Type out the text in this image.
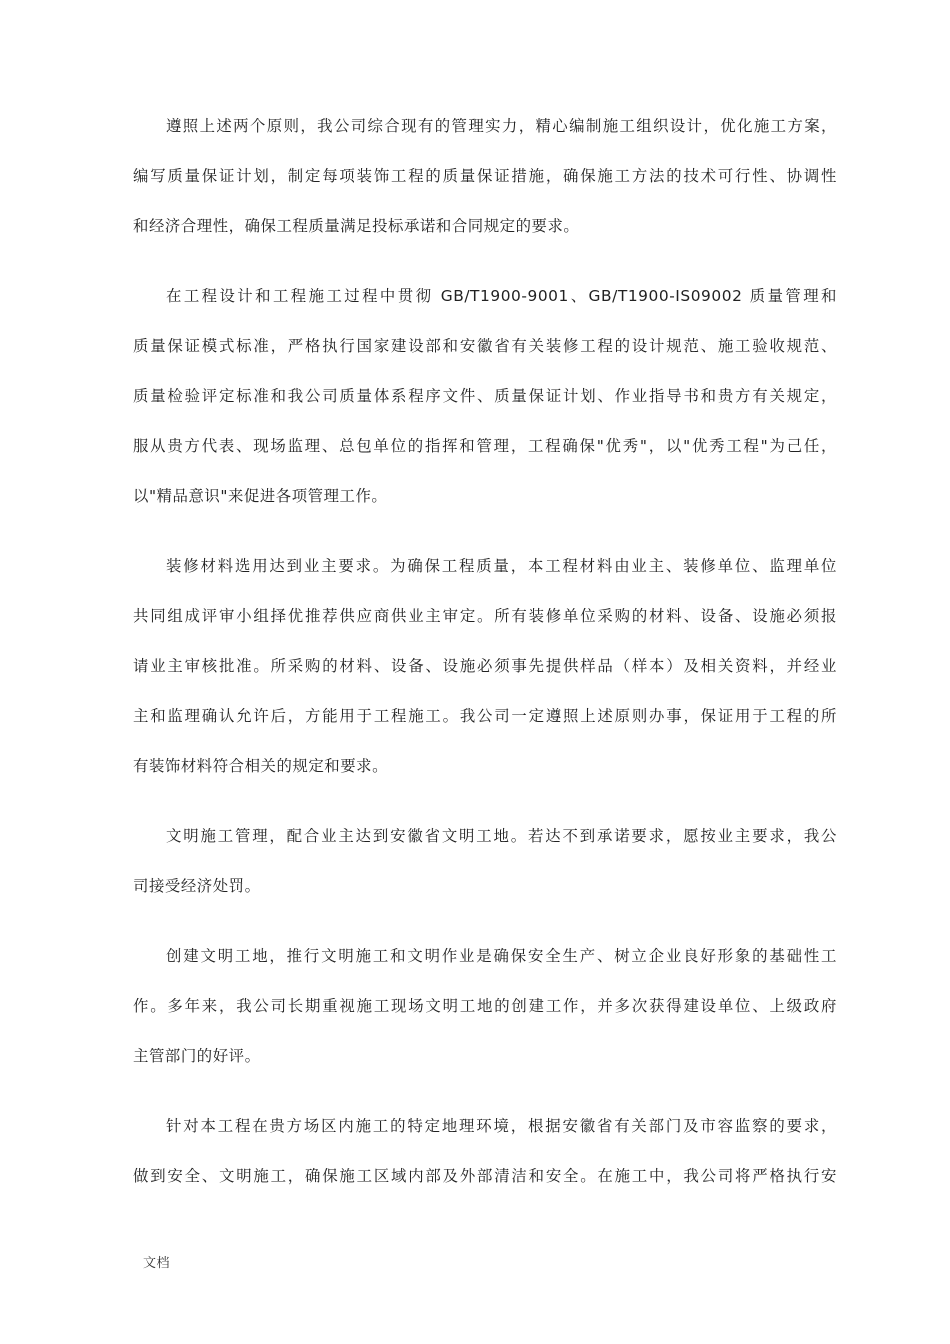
遵照上述两个原则，我公司综合现有的管理实力，精心编制施工组织设计，优化施工方案，
编写质量保证计划，制定每项装饰工程的质量保证措施，确保施工方法的技术可行性、协调性
和经济合理性，确保工程质量满足投标承诺和合同规定的要求。

在工程设计和工程施工过程中贯彻 GB/T1900-9001、GB/T1900-IS09002 质量管理和
质量保证模式标准，严格执行国家建设部和安徽省有关装修工程的设计规范、施工验收规范、
质量检验评定标准和我公司质量体系程序文件、质量保证计划、作业指导书和贵方有关规定，
服从贵方代表、现场监理、总包单位的指挥和管理，工程确保"优秀"，以"优秀工程"为己任，
以"精品意识"来促进各项管理工作。

装修材料选用达到业主要求。为确保工程质量，本工程材料由业主、装修单位、监理单位
共同组成评审小组择优推荐供应商供业主审定。所有装修单位采购的材料、设备、设施必须报
请业主审核批准。所采购的材料、设备、设施必须事先提供样品（样本）及相关资料，并经业
主和监理确认允许后，方能用于工程施工。我公司一定遵照上述原则办事，保证用于工程的所
有装饰材料符合相关的规定和要求。

文明施工管理，配合业主达到安徽省文明工地。若达不到承诺要求，愿按业主要求，我公
司接受经济处罚。

创建文明工地，推行文明施工和文明作业是确保安全生产、树立企业良好形象的基础性工
作。多年来，我公司长期重视施工现场文明工地的创建工作，并多次获得建设单位、上级政府
主管部门的好评。

针对本工程在贵方场区内施工的特定地理环境，根据安徽省有关部门及市容监察的要求，
做到安全、文明施工，确保施工区域内部及外部清洁和安全。在施工中，我公司将严格执行安

文档
